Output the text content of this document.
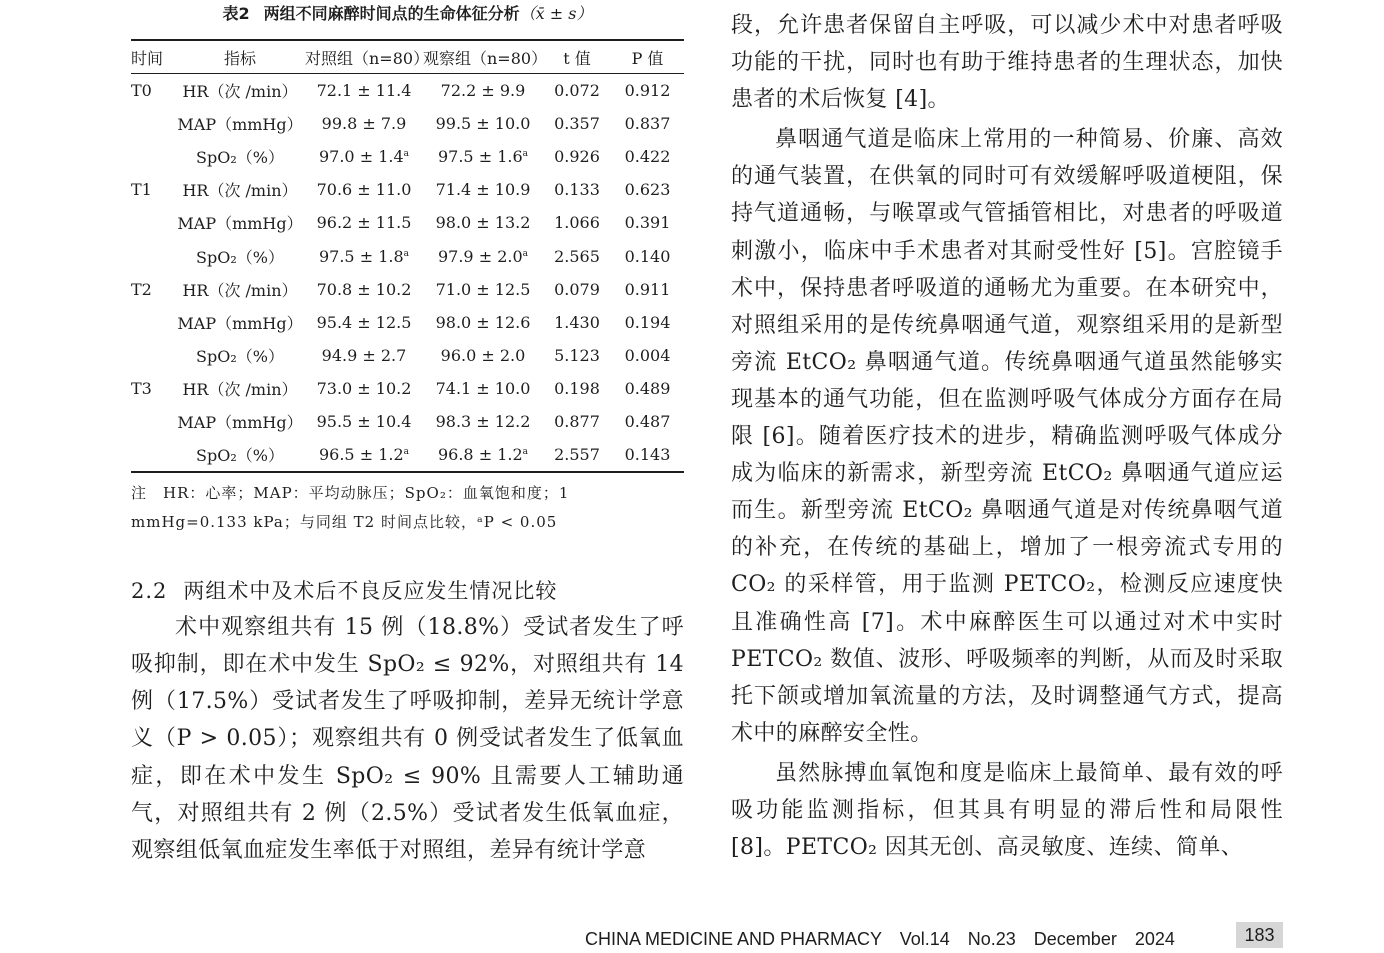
表2 两组不同麻醉时间点的生命体征分析（x̄ ± s）
时间	指标	对照组（n=80）	观察组（n=80）	t 值	P 值
T0	HR（次 /min）	72.1 ± 11.4	72.2 ± 9.9	0.072	0.912
	MAP（mmHg）	99.8 ± 7.9	99.5 ± 10.0	0.357	0.837
	SpO₂（%）	97.0 ± 1.4$^a$	97.5 ± 1.6$^a$	0.926	0.422
T1	HR（次 /min）	70.6 ± 11.0	71.4 ± 10.9	0.133	0.623
	MAP（mmHg）	96.2 ± 11.5	98.0 ± 13.2	1.066	0.391
	SpO₂（%）	97.5 ± 1.8$^a$	97.9 ± 2.0$^a$	2.565	0.140
T2	HR（次 /min）	70.8 ± 10.2	71.0 ± 12.5	0.079	0.911
	MAP（mmHg）	95.4 ± 12.5	98.0 ± 12.6	1.430	0.194
	SpO₂（%）	94.9 ± 2.7	96.0 ± 2.0	5.123	0.004
T3	HR（次 /min）	73.0 ± 10.2	74.1 ± 10.0	0.198	0.489
	MAP（mmHg）	95.5 ± 10.4	98.3 ± 12.2	0.877	0.487
	SpO₂（%）	96.5 ± 1.2$^a$	96.8 ± 1.2$^a$	2.557	0.143
注　HR：心率；MAP：平均动脉压；SpO₂：血氧饱和度；1 mmHg=0.133 kPa；与同组 T2 时间点比较，ᵃP < 0.05
2.2 两组术中及术后不良反应发生情况比较

术中观察组共有 15 例（18.8%）受试者发生了呼吸抑制，即在术中发生 SpO₂ ≤ 92%，对照组共有 14 例（17.5%）受试者发生了呼吸抑制，差异无统计学意义（P > 0.05）；观察组共有 0 例受试者发生了低氧血症，即在术中发生 SpO₂ ≤ 90% 且需要人工辅助通气，对照组共有 2 例（2.5%）受试者发生低氧血症，观察组低氧血症发生率低于对照组，差异有统计学意

段，允许患者保留自主呼吸，可以减少术中对患者呼吸功能的干扰，同时也有助于维持患者的生理状态，加快患者的术后恢复 [4]。

鼻咽通气道是临床上常用的一种简易、价廉、高效的通气装置，在供氧的同时可有效缓解呼吸道梗阻，保持气道通畅，与喉罩或气管插管相比，对患者的呼吸道刺激小，临床中手术患者对其耐受性好 [5]。宫腔镜手术中，保持患者呼吸道的通畅尤为重要。在本研究中，对照组采用的是传统鼻咽通气道，观察组采用的是新型旁流 EtCO₂ 鼻咽通气道。传统鼻咽通气道虽然能够实现基本的通气功能，但在监测呼吸气体成分方面存在局限 [6]。随着医疗技术的进步，精确监测呼吸气体成分成为临床的新需求，新型旁流 EtCO₂ 鼻咽通气道应运而生。新型旁流 EtCO₂ 鼻咽通气道是对传统鼻咽气道的补充，在传统的基础上，增加了一根旁流式专用的 CO₂ 的采样管，用于监测 PETCO₂，检测反应速度快且准确性高 [7]。术中麻醉医生可以通过对术中实时 PETCO₂ 数值、波形、呼吸频率的判断，从而及时采取托下颌或增加氧流量的方法，及时调整通气方式，提高术中的麻醉安全性。

虽然脉搏血氧饱和度是临床上最简单、最有效的呼吸功能监测指标，但其具有明显的滞后性和局限性 [8]。PETCO₂ 因其无创、高灵敏度、连续、简单、

CHINA MEDICINE AND PHARMACY　Vol.14　No.23　December　2024	183
